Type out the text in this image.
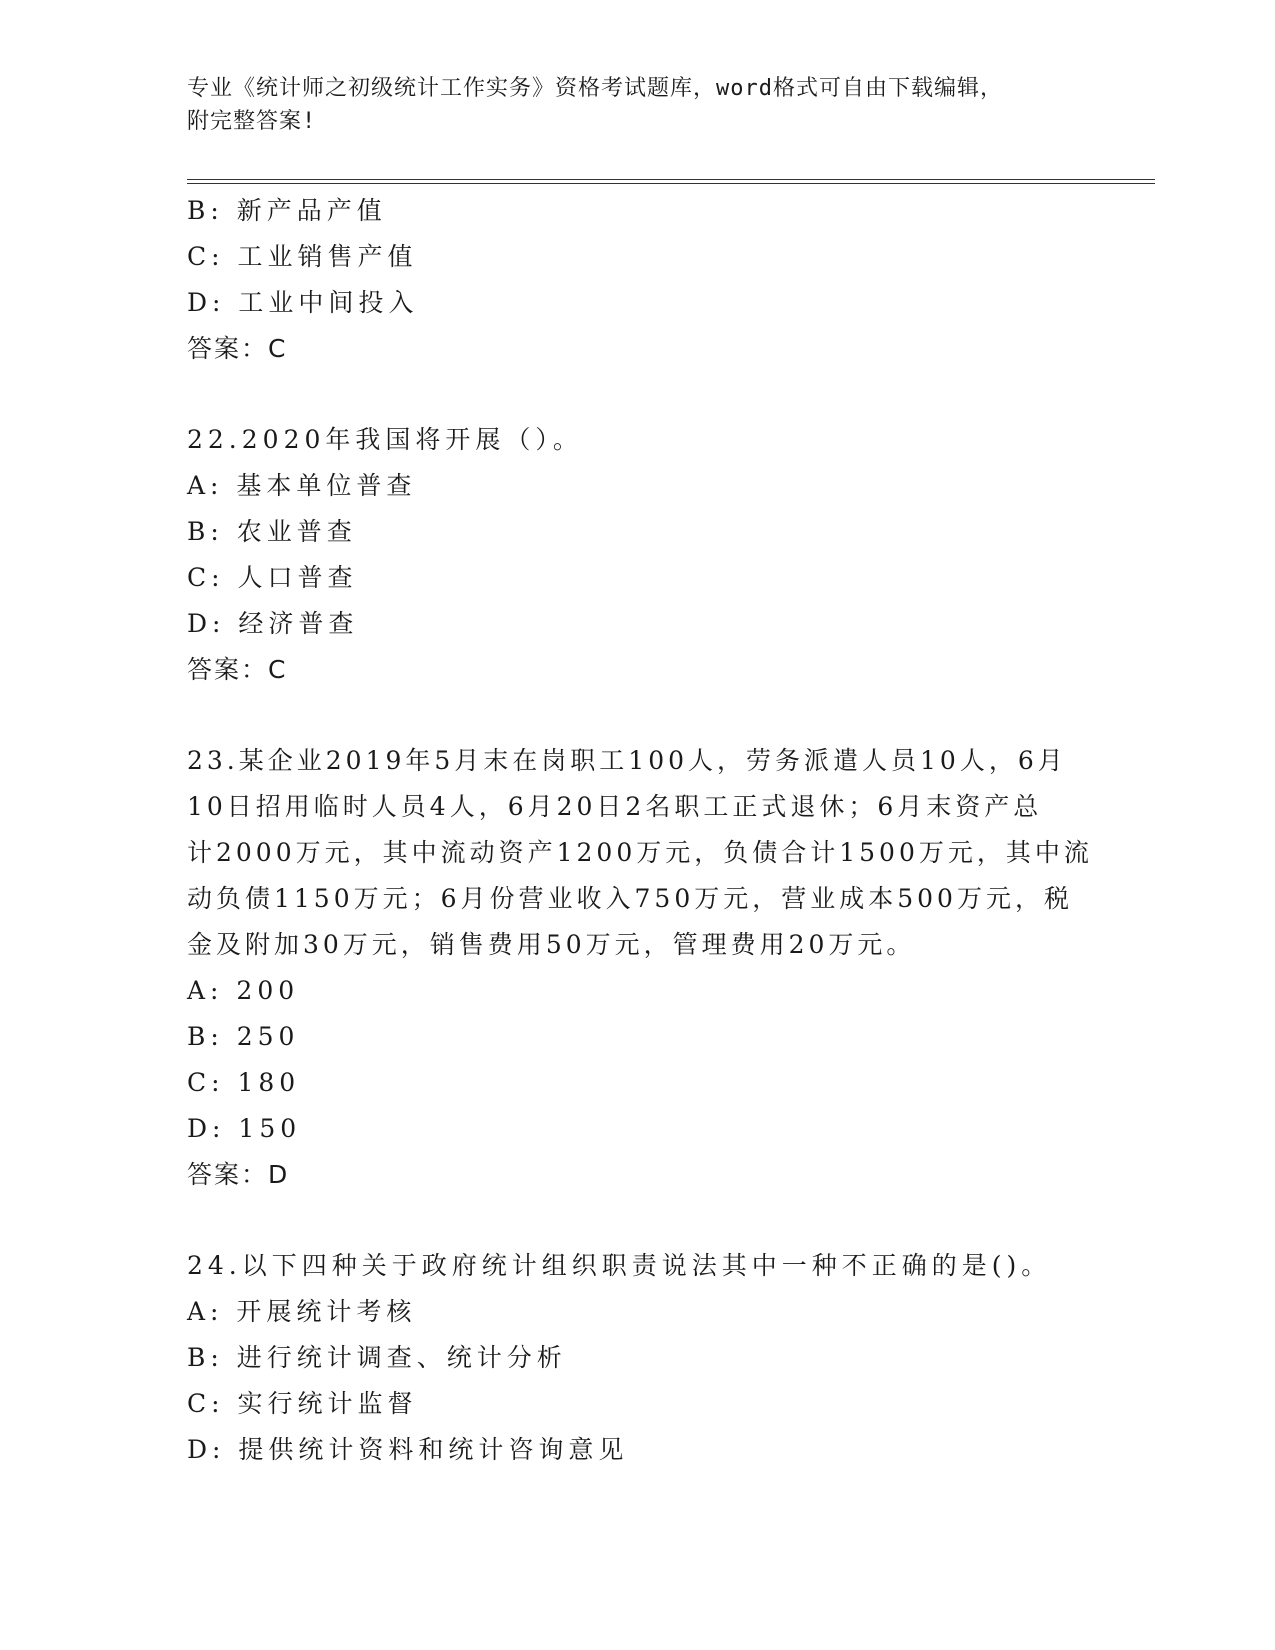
专业《统计师之初级统计工作实务》资格考试题库，word格式可自由下载编辑，
附完整答案!
B: 新产品产值
C: 工业销售产值
D: 工业中间投入
答案：C
22.2020年我国将开展（）。
A: 基本单位普查
B: 农业普查
C: 人口普查
D: 经济普查
答案：C
23.某企业2019年5月末在岗职工100人，劳务派遣人员10人，6月
10日招用临时人员4人，6月20日2名职工正式退休；6月末资产总
计2000万元，其中流动资产1200万元，负债合计1500万元，其中流
动负债1150万元；6月份营业收入750万元，营业成本500万元，税
金及附加30万元，销售费用50万元，管理费用20万元。
A: 200
B: 250
C: 180
D: 150
答案：D
24.以下四种关于政府统计组织职责说法其中一种不正确的是()。
A: 开展统计考核
B: 进行统计调查、统计分析
C: 实行统计监督
D: 提供统计资料和统计咨询意见
